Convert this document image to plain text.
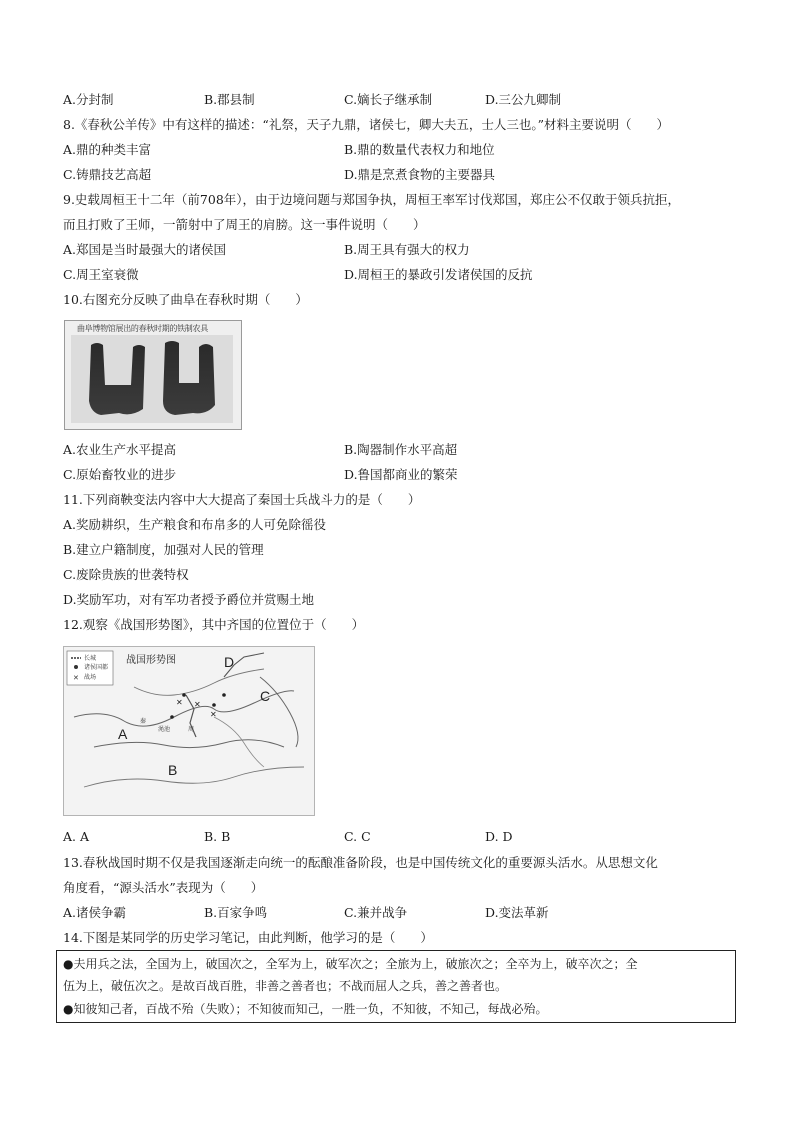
A.分封制	B.郡县制	C.嫡长子继承制	D.三公九卿制
8.《春秋公羊传》中有这样的描述：“礼祭，天子九鼎，诸侯七，卿大夫五，士人三也。”材料主要说明（　　）
A.鼎的种类丰富	B.鼎的数量代表权力和地位
C.铸鼎技艺高超	D.鼎是烹煮食物的主要器具
9.史载周桓王十二年（前708年），由于边境问题与郑国争执，周桓王率军讨伐郑国，郑庄公不仅敢于领兵抗拒，
而且打败了王师，一箭射中了周王的肩膀。这一事件说明（　　）
A.郑国是当时最强大的诸侯国	B.周王具有强大的权力
C.周王室衰微	D.周桓王的暴政引发诸侯国的反抗
10.右图充分反映了曲阜在春秋时期（　　）
曲阜博物馆展出的春秋时期的铁制农具
A.农业生产水平提高	B.陶器制作水平高超
C.原始畜牧业的进步	D.鲁国都商业的繁荣
11.下列商鞅变法内容中大大提高了秦国士兵战斗力的是（　　）
A.奖励耕织，生产粮食和布帛多的人可免除徭役
B.建立户籍制度，加强对人民的管理
C.废除贵族的世袭特权
D.奖励军功，对有军功者授予爵位并赏赐土地
12.观察《战国形势图》，其中齐国的位置位于（　　）
✕
长城
诸侯国都
战场
战国形势图
✕
✕
✕
渑池
秦
周
A
B
C
D
A. A	B. B	C. C	D. D
13.春秋战国时期不仅是我国逐渐走向统一的酝酿准备阶段，也是中国传统文化的重要源头活水。从思想文化
角度看，“源头活水”表现为（　　）
A.诸侯争霸	B.百家争鸣	C.兼并战争	D.变法革新
14.下图是某同学的历史学习笔记，由此判断，他学习的是（　　）
●夫用兵之法，全国为上，破国次之，全军为上，破军次之；全旅为上，破旅次之；全卒为上，破卒次之；全
伍为上，破伍次之。是故百战百胜，非善之善者也；不战而屈人之兵，善之善者也。
●知彼知己者，百战不殆（失败）；不知彼而知己，一胜一负，不知彼，不知己，每战必殆。
